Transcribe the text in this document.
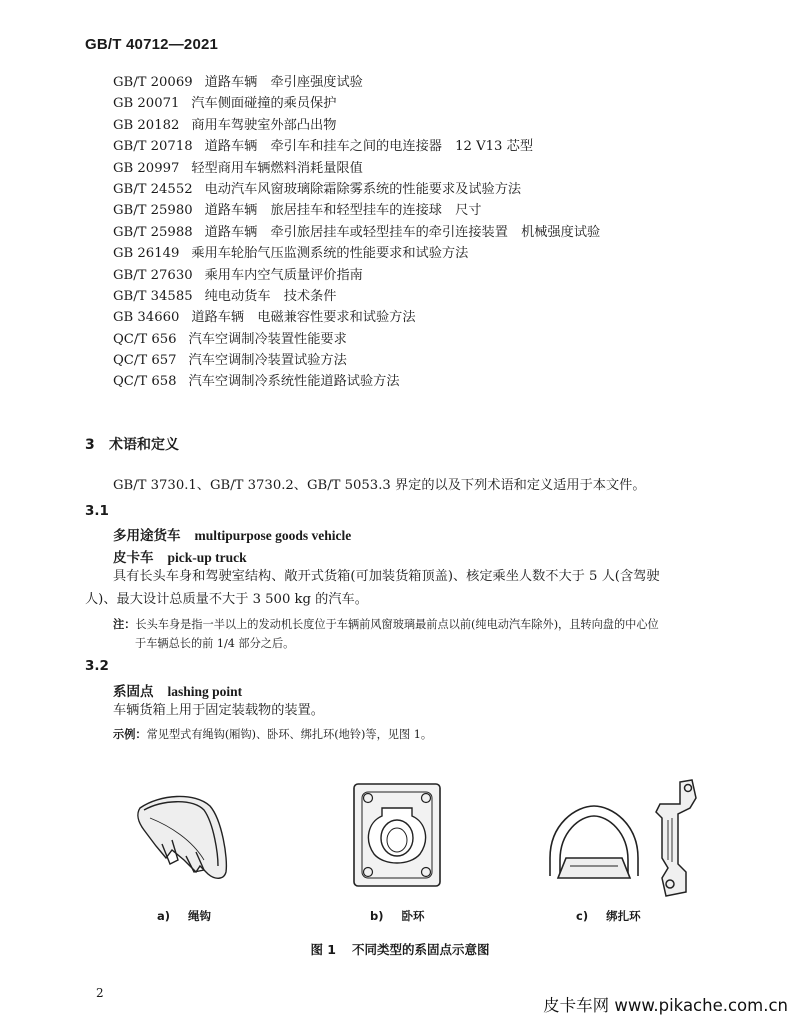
GB/T 40712—2021
GB/T 20069 道路车辆　牵引座强度试验
GB 20071 汽车侧面碰撞的乘员保护
GB 20182 商用车驾驶室外部凸出物
GB/T 20718 道路车辆　牵引车和挂车之间的电连接器　12 V13 芯型
GB 20997 轻型商用车辆燃料消耗量限值
GB/T 24552 电动汽车风窗玻璃除霜除雾系统的性能要求及试验方法
GB/T 25980 道路车辆　旅居挂车和轻型挂车的连接球　尺寸
GB/T 25988 道路车辆　牵引旅居挂车或轻型挂车的牵引连接装置　机械强度试验
GB 26149 乘用车轮胎气压监测系统的性能要求和试验方法
GB/T 27630 乘用车内空气质量评价指南
GB/T 34585 纯电动货车　技术条件
GB 34660 道路车辆　电磁兼容性要求和试验方法
QC/T 656 汽车空调制冷装置性能要求
QC/T 657 汽车空调制冷装置试验方法
QC/T 658 汽车空调制冷系统性能道路试验方法
3 术语和定义
GB/T 3730.1、GB/T 3730.2、GB/T 5053.3 界定的以及下列术语和定义适用于本文件。
3.1
多用途货车 multipurpose goods vehicle
皮卡车 pick-up truck
具有长头车身和驾驶室结构、敞开式货箱(可加装货箱顶盖)、核定乘坐人数不大于 5 人(含驾驶
人)、最大设计总质量不大于 3 500 kg 的汽车。
注：长头车身是指一半以上的发动机长度位于车辆前风窗玻璃最前点以前(纯电动汽车除外)，且转向盘的中心位
于车辆总长的前 1/4 部分之后。
3.2
系固点 lashing point
车辆货箱上用于固定装载物的装置。
示例：常见型式有绳钩(厢钩)、卧环、绑扎环(地铃)等，见图 1。
a) 绳钩	b) 卧环	c) 绑扎环
图 1 不同类型的系固点示意图
2
皮卡车网 www.pikache.com.cn
